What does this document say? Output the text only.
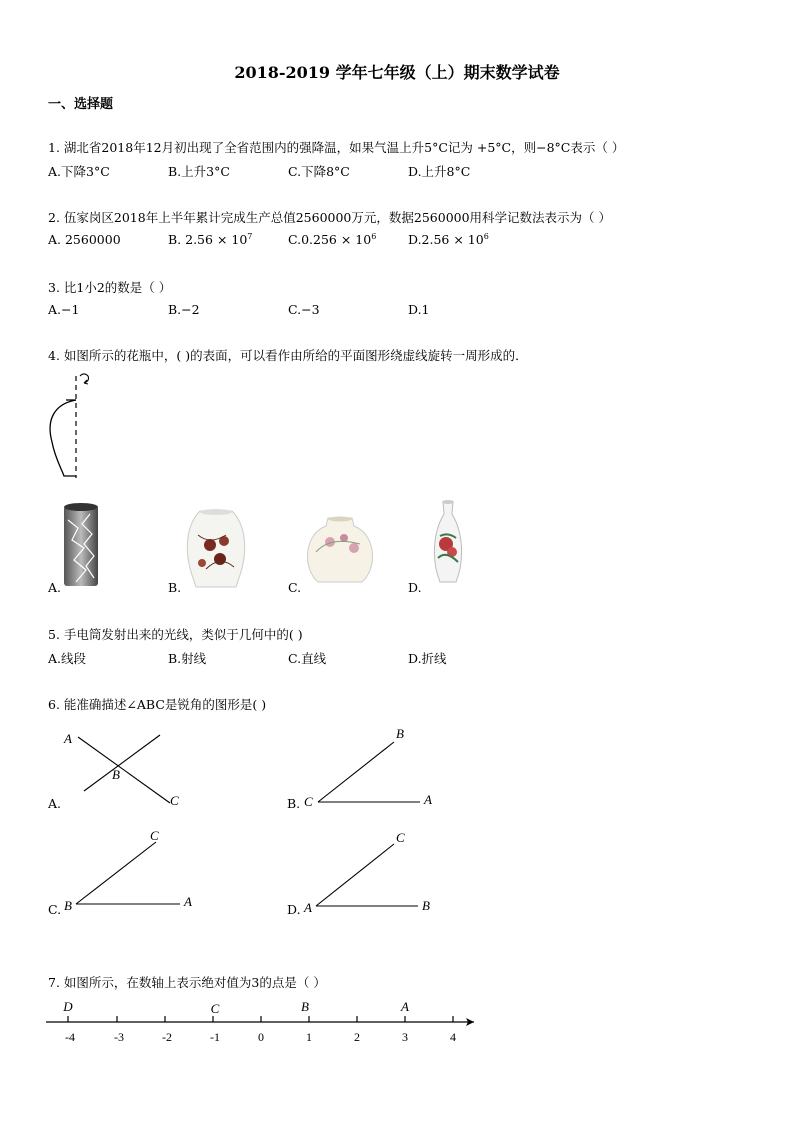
2018-2019 学年七年级（上）期末数学试卷
一、选择题
1. 湖北省2018年12月初出现了全省范围内的强降温，如果气温上升5°C记为 +5°C，则−8°C表示（ ）
A.下降3°C	B.上升3°C	C.下降8°C	D.上升8°C
2. 伍家岗区2018年上半年累计完成生产总值2560000万元，数据2560000用科学记数法表示为（ ）
A. 2560000	B. $2.56 \times 10^7$	$C.0.256 \times 10^6$	$D.2.56 \times 10^6$
3. 比1小2的数是（ ）
A.−1	B.−2	C.−3	D.1
4. 如图所示的花瓶中，( )的表面，可以看作由所给的平面图形绕虚线旋转一周形成的．
A.	B.	C.	D.
5. 手电筒发射出来的光线，类似于几何中的( )
A.线段	B.射线	C.直线	D.折线
6. 能准确描述∠ABC是锐角的图形是( )
A
B
C
A.
B
C	A
B.
C
B	A
C.
C
A	B
D.
7. 如图所示，在数轴上表示绝对值为3的点是（ ）
-4	-3	-2	-1	0	1	2	3	4
D	C	B	A
